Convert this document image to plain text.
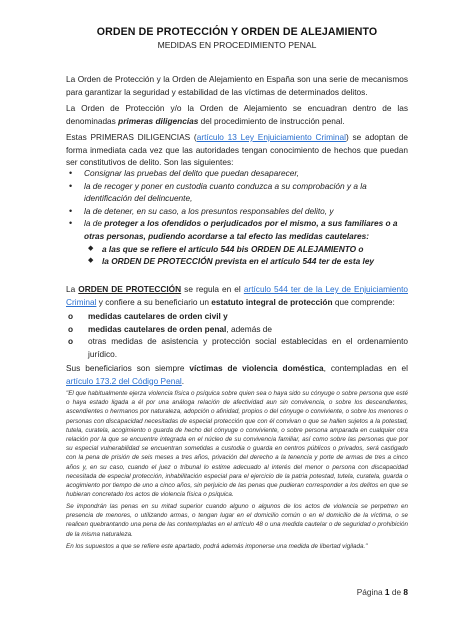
ORDEN DE PROTECCIÓN Y ORDEN DE ALEJAMIENTO
MEDIDAS EN PROCEDIMIENTO PENAL
La Orden de Protección y la Orden de Alejamiento en España son una serie de mecanismos para garantizar la seguridad y estabilidad de las víctimas de determinados delitos.
La Orden de Protección y/o la Orden de Alejamiento se encuadran dentro de las denominadas primeras diligencias del procedimiento de instrucción penal.
Estas PRIMERAS DILIGENCIAS (artículo 13 Ley Enjuiciamiento Criminal) se adoptan de forma inmediata cada vez que las autoridades tengan conocimiento de hechos que puedan ser constitutivos de delito. Son las siguientes:
• Consignar las pruebas del delito que puedan desaparecer,
• la de recoger y poner en custodia cuanto conduzca a su comprobación y a la identificación del delincuente,
• la de detener, en su caso, a los presuntos responsables del delito, y
• la de proteger a los ofendidos o perjudicados por el mismo, a sus familiares o a otras personas, pudiendo acordarse a tal efecto las medidas cautelares:
◆ a las que se refiere el artículo 544 bis ORDEN DE ALEJAMIENTO o
◆ la ORDEN DE PROTECCIÓN prevista en el artículo 544 ter de esta ley
La ORDEN DE PROTECCIÓN se regula en el artículo 544 ter de la Ley de Enjuiciamiento Criminal y confiere a su beneficiario un estatuto integral de protección que comprende:
o medidas cautelares de orden civil y
o medidas cautelares de orden penal, además de
o otras medidas de asistencia y protección social establecidas en el ordenamiento jurídico.
Sus beneficiarios son siempre víctimas de violencia doméstica, contempladas en el artículo 173.2 del Código Penal.
"El que habitualmente ejerza violencia física o psíquica sobre quien sea o haya sido su cónyuge o sobre persona que esté o haya estado ligada a él por una análoga relación de afectividad aun sin convivencia, o sobre los descendientes, ascendientes o hermanos por naturaleza, adopción o afinidad, propios o del cónyuge o conviviente, o sobre los menores o personas con discapacidad necesitadas de especial protección que con él convivan o que se hallen sujetos a la potestad, tutela, curatela, acogimiento o guarda de hecho del cónyuge o conviviente, o sobre persona amparada en cualquier otra relación por la que se encuentre integrada en el núcleo de su convivencia familiar, así como sobre las personas que por su especial vulnerabilidad se encuentran sometidas a custodia o guarda en centros públicos o privados, será castigado con la pena de prisión de seis meses a tres años, privación del derecho a la tenencia y porte de armas de tres a cinco años y, en su caso, cuando el juez o tribunal lo estime adecuado al interés del menor o persona con discapacidad necesitada de especial protección, inhabilitación especial para el ejercicio de la patria potestad, tutela, curatela, guarda o acogimiento por tiempo de uno a cinco años, sin perjuicio de las penas que pudieran corresponder a los delitos en que se hubieran concretado los actos de violencia física o psíquica.
Se impondrán las penas en su mitad superior cuando alguno o algunos de los actos de violencia se perpetren en presencia de menores, o utilizando armas, o tengan lugar en el domicilio común o en el domicilio de la víctima, o se realicen quebrantando una pena de las contempladas en el artículo 48 o una medida cautelar o de seguridad o prohibición de la misma naturaleza.
En los supuestos a que se refiere este apartado, podrá además imponerse una medida de libertad vigilada."
Página 1 de 8
